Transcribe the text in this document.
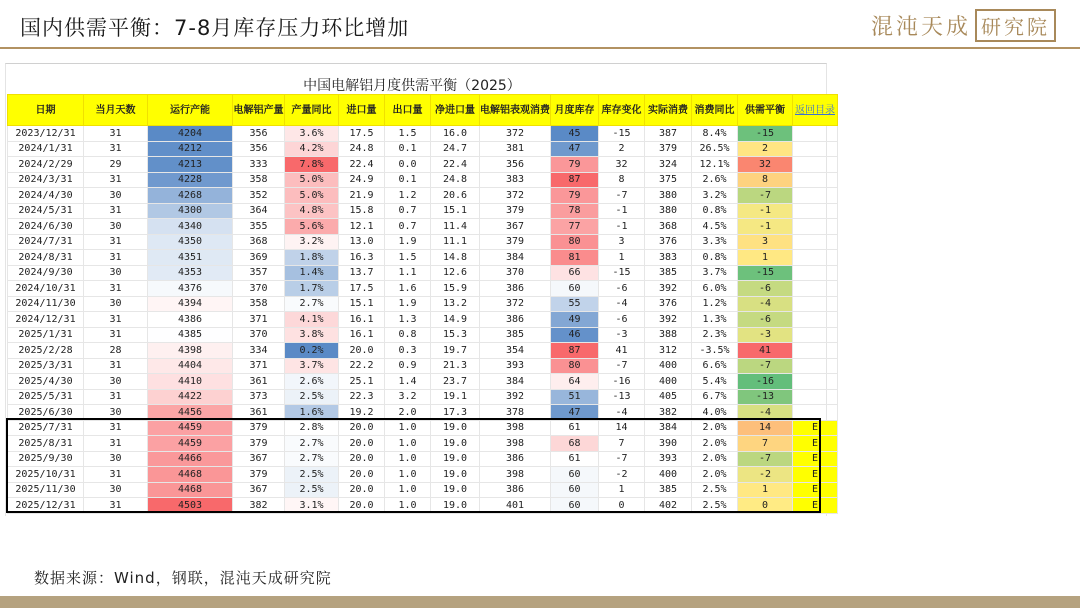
国内供需平衡：7-8月库存压力环比增加	混沌天成 研究院
中国电解铝月度供需平衡（2025）
日期	当月天数	运行产能	电解铝产量	产量同比	进口量	出口量	净进口量	电解铝表观消费	月度库存	库存变化	实际消费	消费同比	供需平衡	返回目录
2023/12/31	31	4204	356	3.6%	17.5	1.5	16.0	372	45	-15	387	8.4%	-15	
2024/1/31	31	4212	356	4.2%	24.8	0.1	24.7	381	47	2	379	26.5%	2	
2024/2/29	29	4213	333	7.8%	22.4	0.0	22.4	356	79	32	324	12.1%	32	
2024/3/31	31	4228	358	5.0%	24.9	0.1	24.8	383	87	8	375	2.6%	8	
2024/4/30	30	4268	352	5.0%	21.9	1.2	20.6	372	79	-7	380	3.2%	-7	
2024/5/31	31	4300	364	4.8%	15.8	0.7	15.1	379	78	-1	380	0.8%	-1	
2024/6/30	30	4340	355	5.6%	12.1	0.7	11.4	367	77	-1	368	4.5%	-1	
2024/7/31	31	4350	368	3.2%	13.0	1.9	11.1	379	80	3	376	3.3%	3	
2024/8/31	31	4351	369	1.8%	16.3	1.5	14.8	384	81	1	383	0.8%	1	
2024/9/30	30	4353	357	1.4%	13.7	1.1	12.6	370	66	-15	385	3.7%	-15	
2024/10/31	31	4376	370	1.7%	17.5	1.6	15.9	386	60	-6	392	6.0%	-6	
2024/11/30	30	4394	358	2.7%	15.1	1.9	13.2	372	55	-4	376	1.2%	-4	
2024/12/31	31	4386	371	4.1%	16.1	1.3	14.9	386	49	-6	392	1.3%	-6	
2025/1/31	31	4385	370	3.8%	16.1	0.8	15.3	385	46	-3	388	2.3%	-3	
2025/2/28	28	4398	334	0.2%	20.0	0.3	19.7	354	87	41	312	-3.5%	41	
2025/3/31	31	4404	371	3.7%	22.2	0.9	21.3	393	80	-7	400	6.6%	-7	
2025/4/30	30	4410	361	2.6%	25.1	1.4	23.7	384	64	-16	400	5.4%	-16	
2025/5/31	31	4422	373	2.5%	22.3	3.2	19.1	392	51	-13	405	6.7%	-13	
2025/6/30	30	4456	361	1.6%	19.2	2.0	17.3	378	47	-4	382	4.0%	-4	
2025/7/31	31	4459	379	2.8%	20.0	1.0	19.0	398	61	14	384	2.0%	14	E
2025/8/31	31	4459	379	2.7%	20.0	1.0	19.0	398	68	7	390	2.0%	7	E
2025/9/30	30	4466	367	2.7%	20.0	1.0	19.0	386	61	-7	393	2.0%	-7	E
2025/10/31	31	4468	379	2.5%	20.0	1.0	19.0	398	60	-2	400	2.0%	-2	E
2025/11/30	30	4468	367	2.5%	20.0	1.0	19.0	386	60	1	385	2.5%	1	E
2025/12/31	31	4503	382	3.1%	20.0	1.0	19.0	401	60	0	402	2.5%	0	E
数据来源：Wind，钢联，混沌天成研究院
